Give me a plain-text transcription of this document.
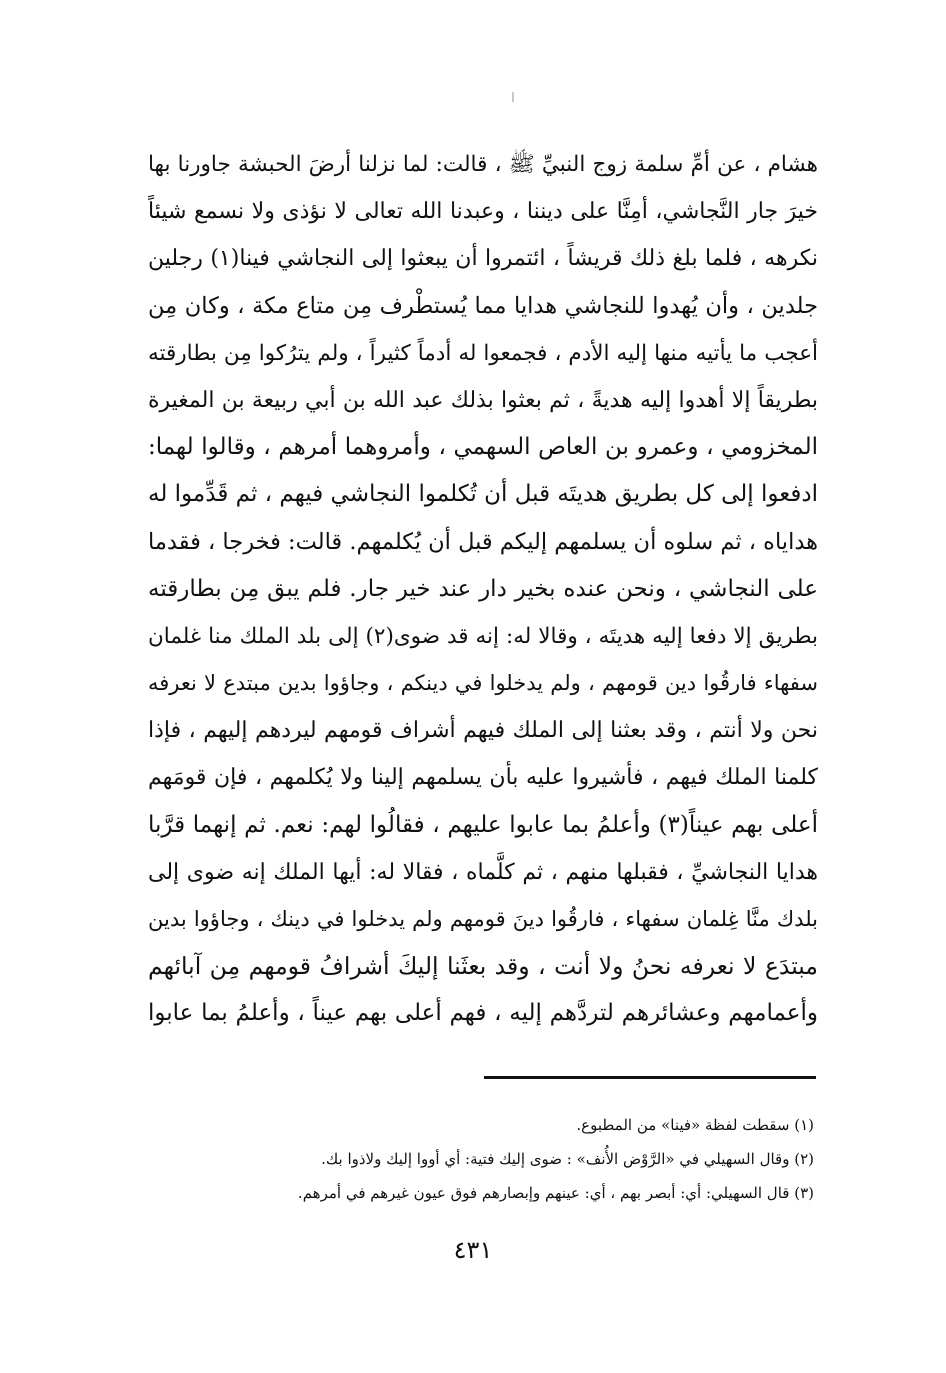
هشام ، عن أمِّ سلمة زوج النبيِّ ﷺ ، قالت: لما نزلنا أرضَ الحبشة جاورنا بها
خيرَ جار النَّجاشي، أمِنَّا على ديننا ، وعبدنا الله تعالى لا نؤذى ولا نسمع شيئاً
نكرهه ، فلما بلغ ذلك قريشاً ، ائتمروا أن يبعثوا إلى النجاشي فينا(١) رجلين
جلدين ، وأن يُهدوا للنجاشي هدايا مما يُستطْرف مِن متاع مكة ، وكان مِن
أعجب ما يأتيه منها إليه الأدم ، فجمعوا له أدماً كثيراً ، ولم يترُكوا مِن بطارقته
بطريقاً إلا أهدوا إليه هديةً ، ثم بعثوا بذلك عبد الله بن أبي ربيعة بن المغيرة
المخزومي ، وعمرو بن العاص السهمي ، وأمروهما أمرهم ، وقالوا لهما:
ادفعوا إلى كل بطريق هديتَه قبل أن تُكلموا النجاشي فيهم ، ثم قَدِّموا له
هداياه ، ثم سلوه أن يسلمهم إليكم قبل أن يُكلمهم. قالت: فخرجا ، فقدما
على النجاشي ، ونحن عنده بخير دار عند خير جار. فلم يبق مِن بطارقته
بطريق إلا دفعا إليه هديتَه ، وقالا له: إنه قد ضوى(٢) إلى بلد الملك منا غلمان
سفهاء فارقُوا دين قومهم ، ولم يدخلوا في دينكم ، وجاؤوا بدين مبتدع لا نعرفه
نحن ولا أنتم ، وقد بعثنا إلى الملك فيهم أشراف قومهم ليردهم إليهم ، فإذا
كلمنا الملك فيهم ، فأشيروا عليه بأن يسلمهم إلينا ولا يُكلمهم ، فإن قومَهم
أعلى بهم عيناً(٣) وأعلمُ بما عابوا عليهم ، فقالُوا لهم: نعم. ثم إنهما قرَّبا
هدايا النجاشيِّ ، فقبلها منهم ، ثم كلَّماه ، فقالا له: أيها الملك إنه ضوى إلى
بلدك منَّا غِلمان سفهاء ، فارقُوا دينَ قومهم ولم يدخلوا في دينك ، وجاؤوا بدين
مبتدَع لا نعرفه نحنُ ولا أنت ، وقد بعثَنا إليكَ أشرافُ قومهم مِن آبائهم
وأعمامهم وعشائرهم لتردَّهم إليه ، فهم أعلى بهم عيناً ، وأعلمُ بما عابوا
(١) سقطت لفظة «فينا» من المطبوع.
(٢) وقال السهيلي في «الرَّوْض الأُنف» : ضوى إليك فتية: أي أووا إليك ولاذوا بك.
(٣) قال السهيلي: أي: أبصر بهم ، أي: عينهم وإبصارهم فوق عيون غيرهم في أمرهم.
٤٣١
